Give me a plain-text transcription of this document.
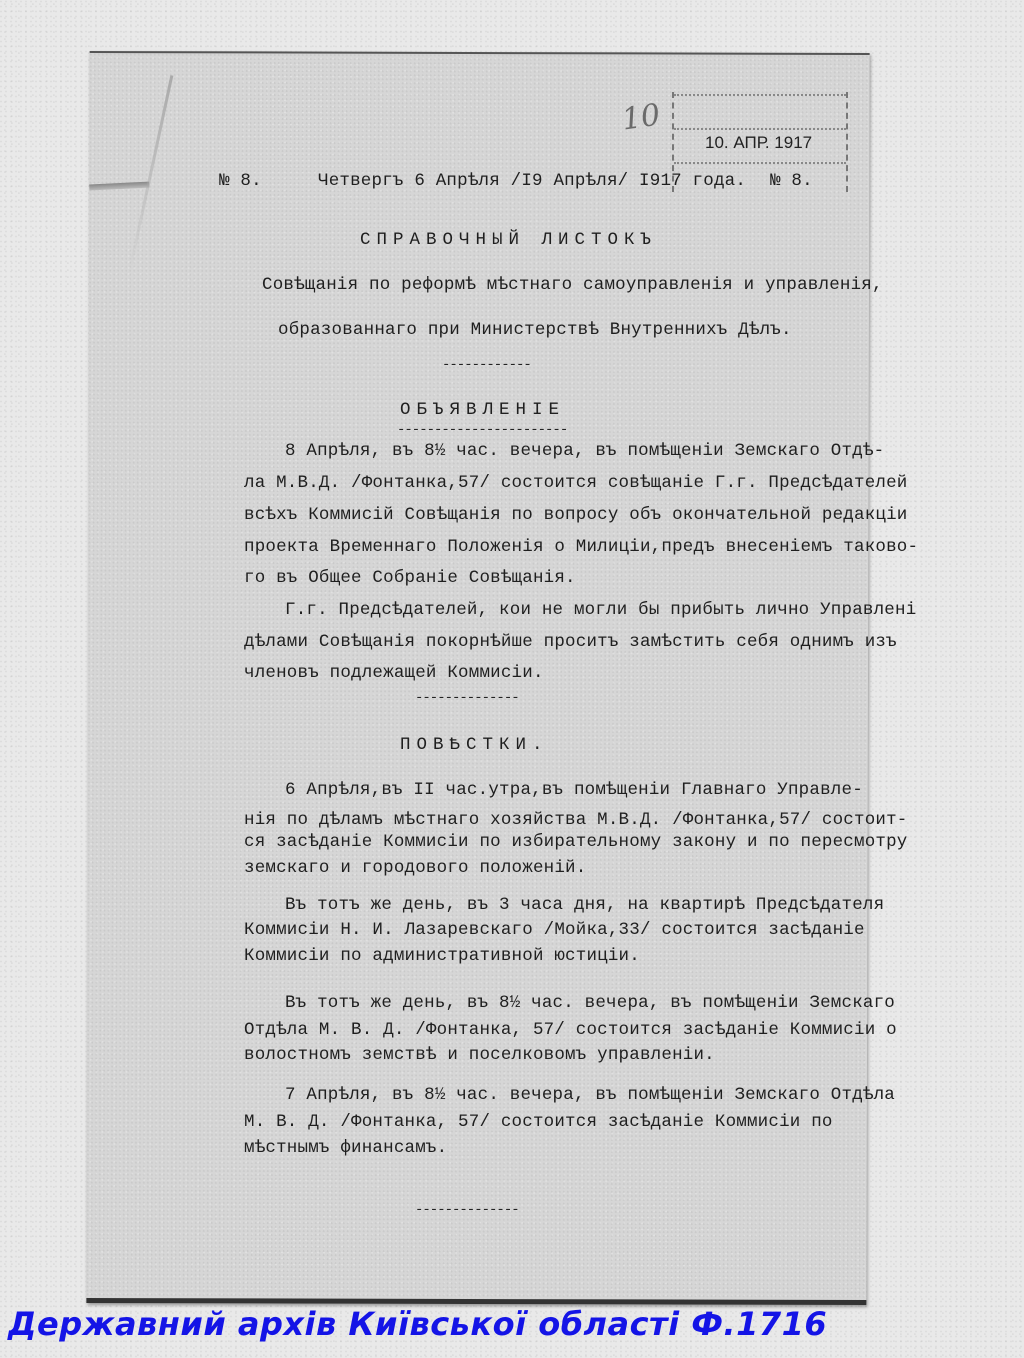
10
10. АПР. 1917
№ 8.	Четвергъ 6 Апрѣля /I9 Апрѣля/ I917 года. № 8.
СПРАВОЧНЫЙ ЛИСТОКЪ
Совѣщанія по реформѣ мѣстнаго самоуправленія и управленія,
образованнаго при Министерствѣ Внутреннихъ Дѣлъ.
------------
ОБЪЯВЛЕНІЕ
-----------------------
8 Апрѣля, въ 8½ час. вечера, въ помѣщеніи Земскаго Отдѣ-
ла М.В.Д. /Фонтанка,57/ состоится совѣщаніе Г.г. Предсѣдателей
всѣхъ Коммисій Совѣщанія по вопросу объ окончательной редакціи
проекта Временнаго Положенія о Милиціи,предъ внесеніемъ таково-
го въ Общее Собраніе Совѣщанія.
Г.г. Предсѣдателей, кои не могли бы прибыть лично Управлені
дѣлами Совѣщанія покорнѣйше проситъ замѣстить себя однимъ изъ
членовъ подлежащей Коммисіи.
--------------
ПОВѢСТКИ.
6 Апрѣля,въ II час.утра,въ помѣщеніи Главнаго Управле-
нія по дѣламъ мѣстнаго хозяйства М.В.Д. /Фонтанка,57/ состоит-
ся засѣданіе Коммисіи по избирательному закону и по пересмотру
земскаго и городового положеній.
Въ тотъ же день, въ 3 часа дня, на квартирѣ Предсѣдателя
Коммисіи Н. И. Лазаревскаго /Мойка,33/ состоится засѣданіе
Коммисіи по административной юстиціи.
Въ тотъ же день, въ 8½ час. вечера, въ помѣщеніи Земскаго
Отдѣла М. В. Д. /Фонтанка, 57/ состоится засѣданіе Коммисіи о
волостномъ земствѣ и поселковомъ управленіи.
7 Апрѣля, въ 8½ час. вечера, въ помѣщеніи Земскаго Отдѣла
М. В. Д. /Фонтанка, 57/ состоится засѣданіе Коммисіи по
мѣстнымъ финансамъ.
--------------
Державний архів Київської області Ф.1716
